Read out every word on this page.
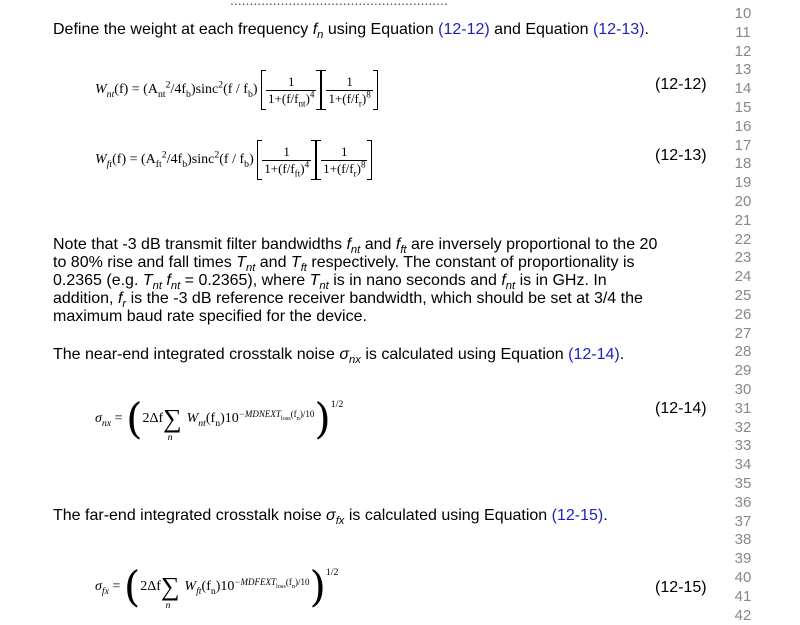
........................................................
Define the weight at each frequency $f_n$ using Equation (12-12) and Equation (12-13).
$W_{nt}(f) = (A_{nt}^2/4f_b)\sin c^2(f / f_b) \frac{1}{1+(f/f_{nt})^4} \frac{1}{1+(f/f_r)^8}$	(12-12)
$W_{ft}(f) = (A_{ft}^2/4f_b)\sin c^2(f / f_b) \frac{1}{1+(f/f_{ft})^4} \frac{1}{1+(f/f_r)^8}$	(12-13)
Note that -3 dB transmit filter bandwidths $f_{nt}$ and $f_{ft}$ are inversely proportional to the 20
to 80% rise and fall times $T_{nt}$ and $T_{ft}$ respectively. The constant of proportionality is
0.2365 (e.g. $T_{nt}$ $f_{nt} = 0.2365$), where $T_{nt}$ is in nano seconds and $f_{nt}$ is in GHz. In
addition, $f_r$ is the -3 dB reference receiver bandwidth, which should be set at 3/4 the
maximum baud rate specified for the device.
The near-end integrated crosstalk noise $\sigma_{nx}$ is calculated using Equation (12-14).
$\sigma_{nx} = (2\Delta f\sum_nW_{nt}(f_n)10^{-MDNEXT_{loss}(f_n)/10})^{1/2}$	(12-14)
The far-end integrated crosstalk noise $\sigma_{fx}$ is calculated using Equation (12-15).
$\sigma_{fx} = (2\Delta f\sum_nW_{ft}(f_n)10^{-MDFEXT_{loss}(f_n)/10})^{1/2}$
(12-15)
10
11
12
13
14
15
16
17
18
19
20
21
22
23
24
25
26
27
28
29
30
31
32
33
34
35
36
37
38
39
40
41
42
